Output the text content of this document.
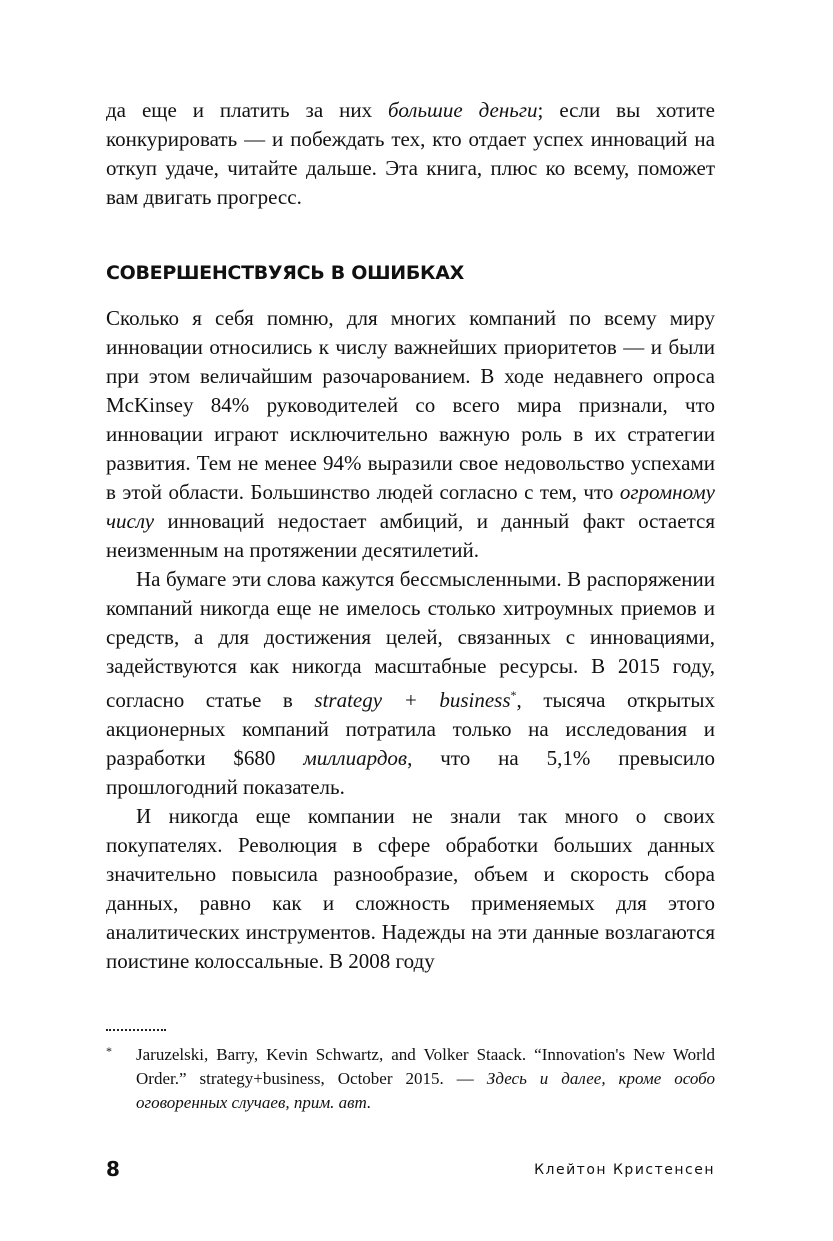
да еще и платить за них большие деньги; если вы хотите конкурировать — и побеждать тех, кто отдает успех инноваций на откуп удаче, читайте дальше. Эта книга, плюс ко всему, поможет вам двигать прогресс.

СОВЕРШЕНСТВУЯСЬ В ОШИБКАХ

Сколько я себя помню, для многих компаний по всему миру инновации относились к числу важнейших приоритетов — и были при этом величайшим разочарованием. В ходе недавнего опроса McKinsey 84% руководителей со всего мира признали, что инновации играют исключительно важную роль в их стратегии развития. Тем не менее 94% выразили свое недовольство успехами в этой области. Большинство людей согласно с тем, что огромному числу инноваций недостает амбиций, и данный факт остается неизменным на протяжении десятилетий.

На бумаге эти слова кажутся бессмысленными. В распоряжении компаний никогда еще не имелось столько хитроумных приемов и средств, а для достижения целей, связанных с инновациями, задействуются как никогда масштабные ресурсы. В 2015 году, согласно статье в strategy + business*, тысяча открытых акционерных компаний потратила только на исследования и разработки $680 миллиардов, что на 5,1% превысило прошлогодний показатель.

И никогда еще компании не знали так много о своих покупателях. Революция в сфере обработки больших данных значительно повысила разнообразие, объем и скорость сбора данных, равно как и сложность применяемых для этого аналитических инструментов. Надежды на эти данные возлагаются поистине колоссальные. В 2008 году

* Jaruzelski, Barry, Kevin Schwartz, and Volker Staack. “Innovation's New World Order.” strategy+business, October 2015. — Здесь и далее, кроме особо оговоренных случаев, прим. авт.
8	Клейтон Кристенсен
